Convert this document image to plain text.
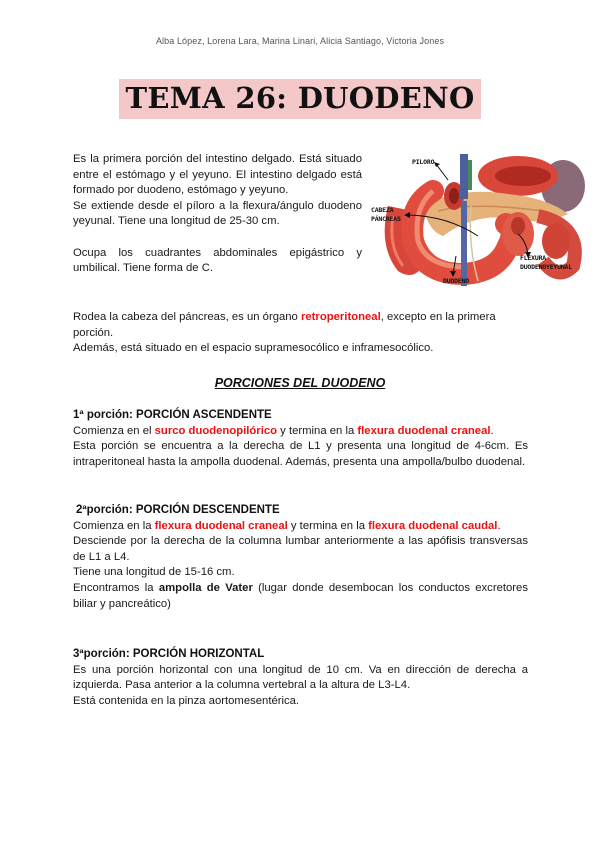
Alba López, Lorena Lara, Marina Linari, Alicia Santiago, Victoria Jones
TEMA 26: DUODENO
Es la primera porción del intestino delgado. Está situado entre el estómago y el yeyuno. El intestino delgado está formado por duodeno, estómago y yeyuno.
Se extiende desde el píloro a la flexura/ángulo duodeno yeyunal. Tiene una longitud de 25-30 cm.
Ocupa los cuadrantes abdominales epigástrico y umbilical. Tiene forma de C.
PILORO
CABEZA
PÁNCREAS
DUODENO
FLEXURA
DUODENOYEYUNAL
Rodea la cabeza del páncreas, es un órgano retroperitoneal, excepto en la primera porción.
Además, está situado en el espacio supramesocólico e inframesocólico.
PORCIONES DEL DUODENO
1ª porción: PORCIÓN ASCENDENTE
Comienza en el surco duodenopilórico y termina en la flexura duodenal craneal.
Esta porción se encuentra a la derecha de L1 y presenta una longitud de 4-6cm. Es intraperitoneal hasta la ampolla duodenal. Además, presenta una ampolla/bulbo duodenal.
2ªporción: PORCIÓN DESCENDENTE
Comienza en la flexura duodenal craneal y termina en la flexura duodenal caudal.
Desciende por la derecha de la columna lumbar anteriormente a las apófisis transversas de L1 a L4.
Tiene una longitud de 15-16 cm.
Encontramos la ampolla de Vater (lugar donde desembocan los conductos excretores biliar y pancreático)
3ªporción: PORCIÓN HORIZONTAL
Es una porción horizontal con una longitud de 10 cm. Va en dirección de derecha a izquierda. Pasa anterior a la columna vertebral a la altura de L3-L4.
Está contenida en la pinza aortomesentérica.
